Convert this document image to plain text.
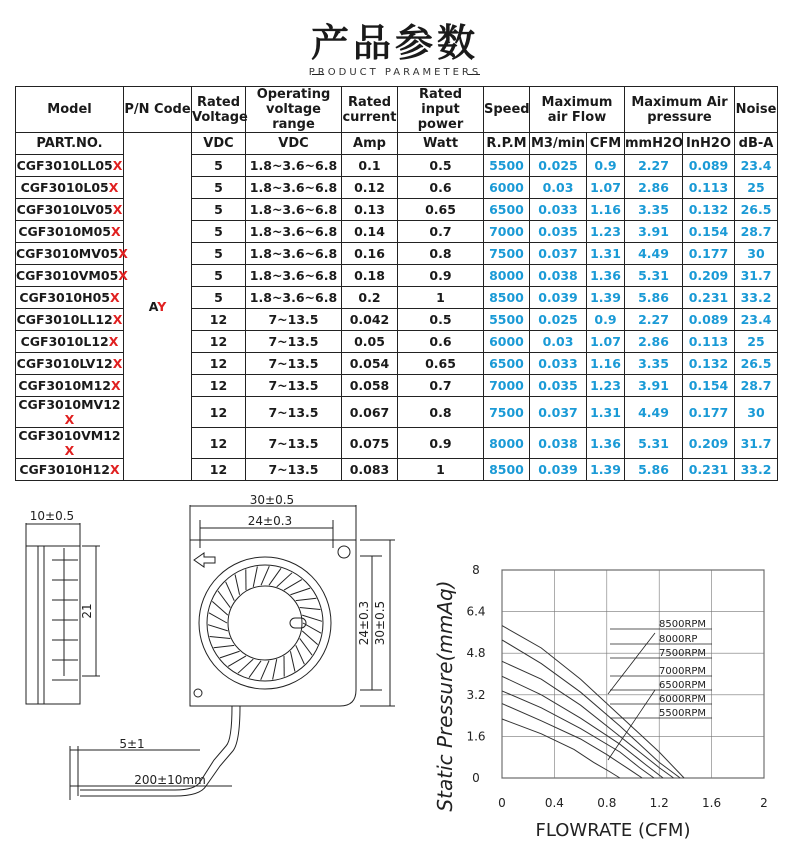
产品参数
PRODUCT PARAMETERS
Model	P/N Code	Rated Voltage	Operating voltage range	Rated current	Rated input power	Speed	Maximum air Flow		Maximum Air pressure		Noise

PART.NO.	AY	VDC	VDC	Amp	Watt	R.P.M	M3/min	CFM	mmH2O	InH2O	dB-A
CGF3010LL05X		5	1.8~3.6~6.8	0.1	0.5	5500	0.025	0.9	2.27	0.089	23.4
CGF3010L05X		5	1.8~3.6~6.8	0.12	0.6	6000	0.03	1.07	2.86	0.113	25
CGF3010LV05X		5	1.8~3.6~6.8	0.13	0.65	6500	0.033	1.16	3.35	0.132	26.5
CGF3010M05X		5	1.8~3.6~6.8	0.14	0.7	7000	0.035	1.23	3.91	0.154	28.7
CGF3010MV05X		5	1.8~3.6~6.8	0.16	0.8	7500	0.037	1.31	4.49	0.177	30
CGF3010VM05X		5	1.8~3.6~6.8	0.18	0.9	8000	0.038	1.36	5.31	0.209	31.7
CGF3010H05X		5	1.8~3.6~6.8	0.2	1	8500	0.039	1.39	5.86	0.231	33.2
CGF3010LL12X		12	7~13.5	0.042	0.5	5500	0.025	0.9	2.27	0.089	23.4
CGF3010L12X		12	7~13.5	0.05	0.6	6000	0.03	1.07	2.86	0.113	25
CGF3010LV12X		12	7~13.5	0.054	0.65	6500	0.033	1.16	3.35	0.132	26.5
CGF3010M12X		12	7~13.5	0.058	0.7	7000	0.035	1.23	3.91	0.154	28.7
CGF3010MV12 X		12	7~13.5	0.067	0.8	7500	0.037	1.31	4.49	0.177	30
CGF3010VM12 X		12	7~13.5	0.075	0.9	8000	0.038	1.36	5.31	0.209	31.7
CGF3010H12X		12	7~13.5	0.083	1	8500	0.039	1.39	5.86	0.231	33.2
10±0.5
21
30±0.5
24±0.3
24±0.3 30±0.5
5±1
200±10mm	0
1.6
3.2
4.8
6.4
8
0	0.4	0.8	1.2	1.6	2
8500RPM
8000RP
7500RPM
7000RPM
6500RPM
6000RPM
5500RPM
Static Pressure(mmAq)
FLOWRATE (CFM)
